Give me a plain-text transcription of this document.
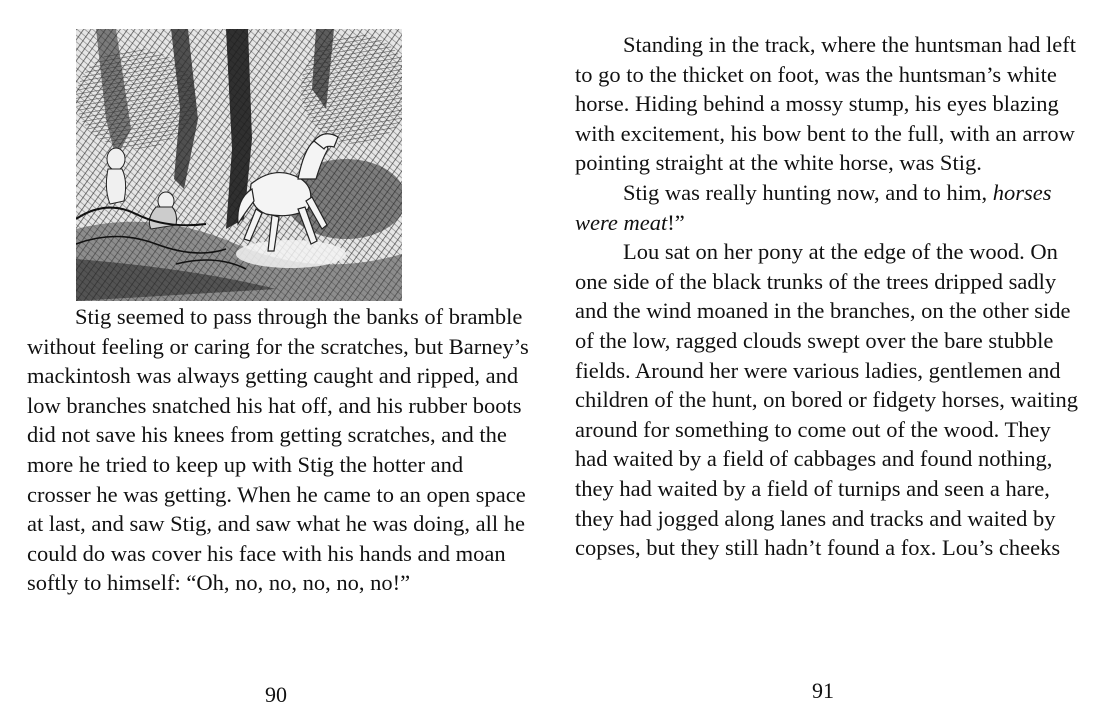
Stig seemed to pass through the banks of bramble without feeling or caring for the scratches, but Barney’s mackintosh was always getting caught and ripped, and low branches snatched his hat off, and his rubber boots did not save his knees from getting scratches, and the more he tried to keep up with Stig the hotter and crosser he was getting. When he came to an open space at last, and saw Stig, and saw what he was doing, all he could do was cover his face with his hands and moan softly to himself: “Oh, no, no, no, no, no!”

90

Standing in the track, where the huntsman had left to go to the thicket on foot, was the huntsman’s white horse. Hiding behind a mossy stump, his eyes blazing with excitement, his bow bent to the full, with an arrow pointing straight at the white horse, was Stig.

Stig was really hunting now, and to him, horses were meat!”

Lou sat on her pony at the edge of the wood. On one side of the black trunks of the trees dripped sadly and the wind moaned in the branches, on the other side of the low, ragged clouds swept over the bare stubble fields. Around her were various ladies, gentlemen and children of the hunt, on bored or fidgety horses, waiting around for something to come out of the wood. They had waited by a field of cabbages and found nothing, they had waited by a field of turnips and seen a hare, they had jogged along lanes and tracks and waited by copses, but they still hadn’t found a fox. Lou’s cheeks

91
